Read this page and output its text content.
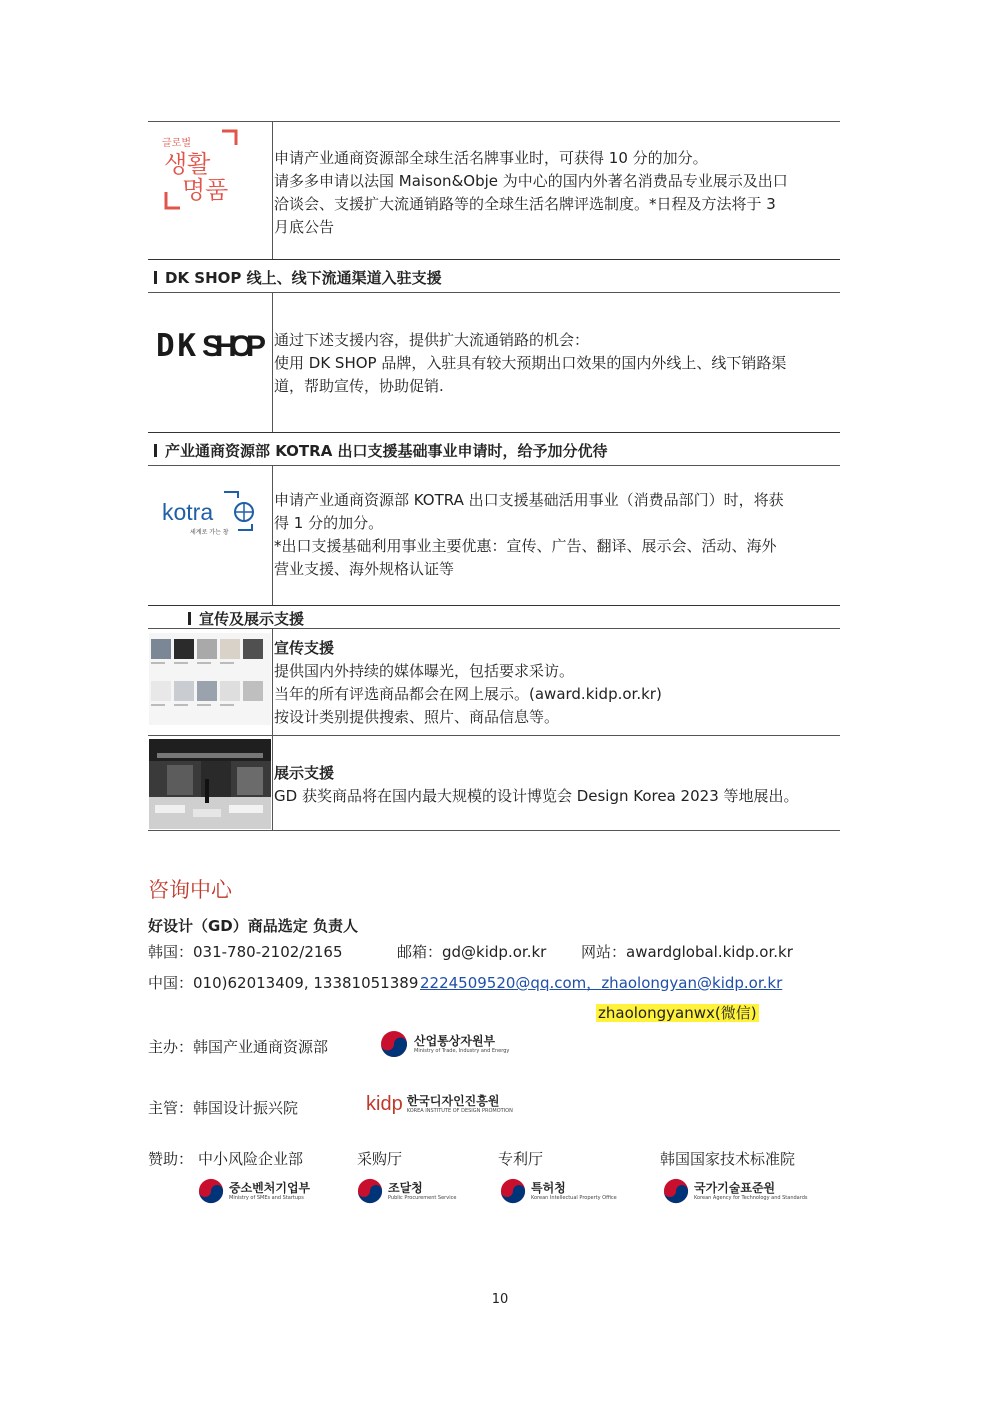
글로벌
생활
명품

申请产业通商资源部全球生活名牌事业时，可获得 10 分的加分。

请多多申请以法国 Maison&Obje 为中心的国内外著名消费品专业展示及出口

洽谈会、支援扩大流通销路等的全球生活名牌评选制度。*日程及方法将于 3

月底公告

DK SHOP 线上、线下流通渠道入驻支援
DK SHOP 通过下述支援内容，提供扩大流通销路的机会：

使用 DK SHOP 品牌，入驻具有较大预期出口效果的国内外线上、线下销路渠

道，帮助宣传，协助促销.

产业通商资源部 KOTRA 出口支援基础事业申请时，给予加分优待
kotra
세계로 가는 창

申请产业通商资源部 KOTRA 出口支援基础活用事业（消费品部门）时，将获

得 1 分的加分。

*出口支援基础利用事业主要优惠：宣传、广告、翻译、展示会、活动、海外

营业支援、海外规格认证等

宣传及展示支援

宣传支援

提供国内外持续的媒体曝光，包括要求采访。

当年的所有评选商品都会在网上展示。(award.kidp.or.kr)

按设计类别提供搜索、照片、商品信息等。

展示支援

GD 获奖商品将在国内最大规模的设计博览会 Design Korea 2023 等地展出。

咨询中心
好设计（GD）商品选定 负责人
韩国：031-780-2102/2165	邮箱：gd@kidp.or.kr 网站：awardglobal.kidp.or.kr
中国：010)62013409, 13381051389 2224509520@qq.com，zhaolongyan@kidp.or.kr
zhaolongyanwx(微信)
主办：韩国产业通商资源部	산업통상자원부
Ministry of Trade, Industry and Energy
主管：韩国设计振兴院	kidp 한국디자인진흥원
KOREA INSTITUTE OF DESIGN PROMOTION
赞助： 中小风险企业部	采购厅	专利厅	韩国国家技术标准院
중소벤처기업부
Ministry of SMEs and Startups
조달청
Public Procurement Service
특허청
Korean Intellectual Property Office
국가기술표준원
Korean Agency for Technology and Standards
10
